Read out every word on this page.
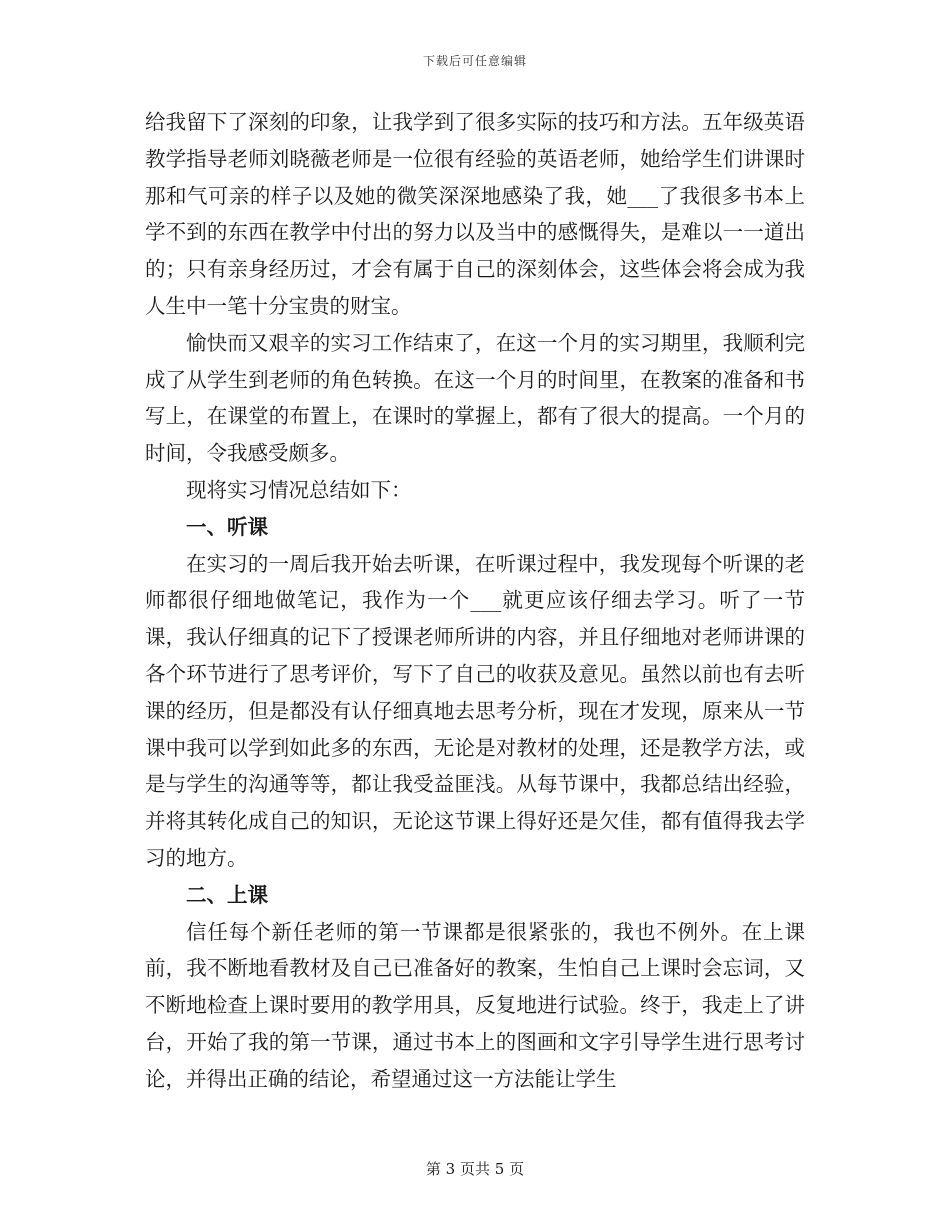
下载后可任意编辑

给我留下了深刻的印象，让我学到了很多实际的技巧和方法。五年级英语教学指导老师刘晓薇老师是一位很有经验的英语老师，她给学生们讲课时那和气可亲的样子以及她的微笑深深地感染了我，她___了我很多书本上学不到的东西在教学中付出的努力以及当中的感慨得失，是难以一一道出的；只有亲身经历过，才会有属于自己的深刻体会，这些体会将会成为我人生中一笔十分宝贵的财宝。

愉快而又艰辛的实习工作结束了，在这一个月的实习期里，我顺利完成了从学生到老师的角色转换。在这一个月的时间里，在教案的准备和书写上，在课堂的布置上，在课时的掌握上，都有了很大的提高。一个月的时间，令我感受颇多。

现将实习情况总结如下：

一、听课

在实习的一周后我开始去听课，在听课过程中，我发现每个听课的老师都很仔细地做笔记，我作为一个___就更应该仔细去学习。听了一节课，我认仔细真的记下了授课老师所讲的内容，并且仔细地对老师讲课的各个环节进行了思考评价，写下了自己的收获及意见。虽然以前也有去听课的经历，但是都没有认仔细真地去思考分析，现在才发现，原来从一节课中我可以学到如此多的东西，无论是对教材的处理，还是教学方法，或是与学生的沟通等等，都让我受益匪浅。从每节课中，我都总结出经验，并将其转化成自己的知识，无论这节课上得好还是欠佳，都有值得我去学习的地方。

二、上课

信任每个新任老师的第一节课都是很紧张的，我也不例外。在上课前，我不断地看教材及自己已准备好的教案，生怕自己上课时会忘词，又不断地检查上课时要用的教学用具，反复地进行试验。终于，我走上了讲台，开始了我的第一节课，通过书本上的图画和文字引导学生进行思考讨论，并得出正确的结论，希望通过这一方法能让学生

第 3 页共 5 页
